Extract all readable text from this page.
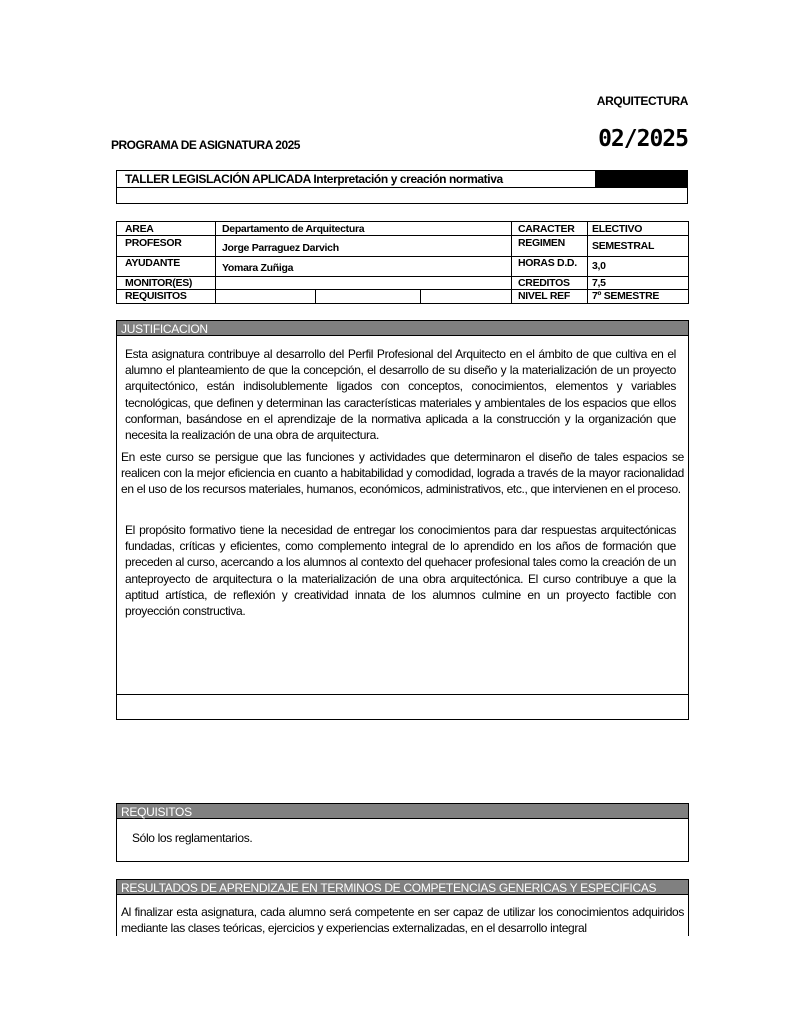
ARQUITECTURA
PROGRAMA DE ASIGNATURA 2025	02/2025
TALLER LEGISLACIÓN APLICADA Interpretación y creación normativa
AREA
PROFESOR
AYUDANTE
MONITOR(ES)
REQUISITOS
Departamento de Arquitectura
Jorge Parraguez Darvich
Yomara Zuñiga
CARACTER
REGIMEN
HORAS D.D.
CREDITOS
NIVEL REF
ELECTIVO
SEMESTRAL
3,0
7,5
7º SEMESTRE
JUSTIFICACION
Esta asignatura contribuye al desarrollo del Perfil Profesional del Arquitecto en el ámbito de que cultiva en el alumno el planteamiento de que la concepción, el desarrollo de su diseño y la materialización de un proyecto arquitectónico, están indisolublemente ligados con conceptos, conocimientos, elementos y variables tecnológicas, que definen y determinan las características materiales y ambientales de los espacios que ellos conforman, basándose en el aprendizaje de la normativa aplicada a la construcción y la organización que necesita la realización de una obra de arquitectura.
En este curso se persigue que las funciones y actividades que determinaron el diseño de tales espacios se realicen con la mejor eficiencia en cuanto a habitabilidad y comodidad, lograda a través de la mayor racionalidad en el uso de los recursos materiales, humanos, económicos, administrativos, etc., que intervienen en el proceso.
El propósito formativo tiene la necesidad de entregar los conocimientos para dar respuestas arquitectónicas fundadas, críticas y eficientes, como complemento integral de lo aprendido en los años de formación que preceden al curso, acercando a los alumnos al contexto del quehacer profesional tales como la creación de un anteproyecto de arquitectura o la materialización de una obra arquitectónica. El curso contribuye a que la aptitud artística, de reflexión y creatividad innata de los alumnos culmine en un proyecto factible con proyección constructiva.
REQUISITOS
Sólo los reglamentarios.
RESULTADOS DE APRENDIZAJE EN TERMINOS DE COMPETENCIAS GENERICAS Y ESPECIFICAS
Al finalizar esta asignatura, cada alumno será competente en ser capaz de utilizar los conocimientos adquiridos mediante las clases teóricas, ejercicios y experiencias externalizadas, en el desarrollo integral
